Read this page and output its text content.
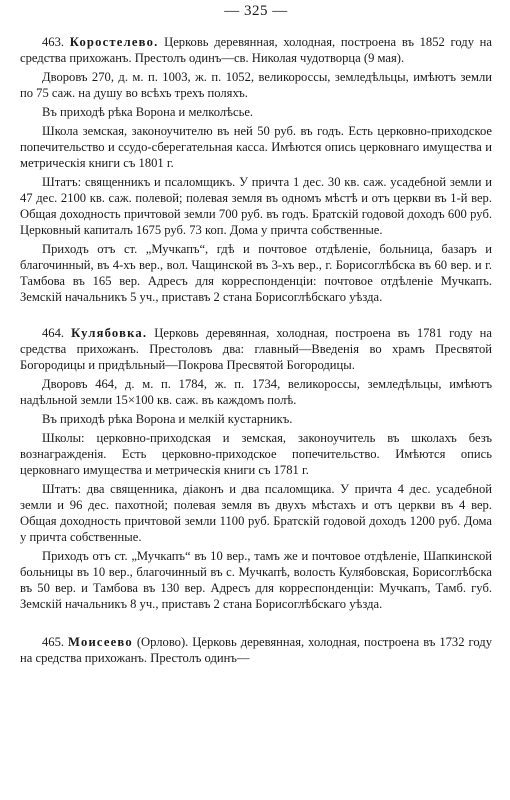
— 325 —

463. Коростелево. Церковь деревянная, холодная, построена въ 1852 году на средства прихожанъ. Престолъ одинъ—св. Николая чудотворца (9 мая).

Дворовъ 270, д. м. п. 1003, ж. п. 1052, великороссы, земледѣльцы, имѣютъ земли по 75 саж. на душу во всѣхъ трехъ поляхъ.

Въ приходѣ рѣка Ворона и мелколѣсье.

Школа земская, законоучителю въ ней 50 руб. въ годъ. Есть церковно-приходское попечительство и ссудо-сберегательная касса. Имѣются опись церковнаго имущества и метрическія книги съ 1801 г.

Штатъ: священникъ и псаломщикъ. У причта 1 дес. 30 кв. саж. усадебной земли и 47 дес. 2100 кв. саж. полевой; полевая земля въ одномъ мѣстѣ и отъ церкви въ 1-й вер. Общая доходность причтовой земли 700 руб. въ годъ. Братскій годовой доходъ 600 руб. Церковный капиталъ 1675 руб. 73 коп. Дома у причта собственные.

Приходъ отъ ст. „Мучкапъ“, гдѣ и почтовое отдѣленіе, больница, базаръ и благочинный, въ 4-хъ вер., вол. Чащинской въ 3-хъ вер., г. Борисоглѣбска въ 60 вер. и г. Тамбова въ 165 вер. Адресъ для корреспонденціи: почтовое отдѣленіе Мучкапъ. Земскій начальникъ 5 уч., приставъ 2 стана Борисоглѣбскаго уѣзда.

464. Кулябовка. Церковь деревянная, холодная, построена въ 1781 году на средства прихожанъ. Престоловъ два: главный—Введенія во храмъ Пресвятой Богородицы и придѣльный—Покрова Пресвятой Богородицы.

Дворовъ 464, д. м. п. 1784, ж. п. 1734, великороссы, земледѣльцы, имѣютъ надѣльной земли 15×100 кв. саж. въ каждомъ полѣ.

Въ приходѣ рѣка Ворона и мелкій кустарникъ.

Школы: церковно-приходская и земская, законоучитель въ школахъ безъ вознагражденія. Есть церковно-приходское попечительство. Имѣются опись церковнаго имущества и метрическія книги съ 1781 г.

Штатъ: два священника, діаконъ и два псаломщика. У причта 4 дес. усадебной земли и 96 дес. пахотной; полевая земля въ двухъ мѣстахъ и отъ церкви въ 4 вер. Общая доходность причтовой земли 1100 руб. Братскій годовой доходъ 1200 руб. Дома у причта собственные.

Приходъ отъ ст. „Мучкапъ“ въ 10 вер., тамъ же и почтовое отдѣленіе, Шапкинской больницы въ 10 вер., благочинный въ с. Мучкапѣ, волость Кулябовская, Борисоглѣбска въ 50 вер. и Тамбова въ 130 вер. Адресъ для корреспонденціи: Мучкапъ, Тамб. губ. Земскій начальникъ 8 уч., приставъ 2 стана Борисоглѣбскаго уѣзда.

465. Моисеево (Орлово). Церковь деревянная, холодная, построена въ 1732 году на средства прихожанъ. Престолъ одинъ—
